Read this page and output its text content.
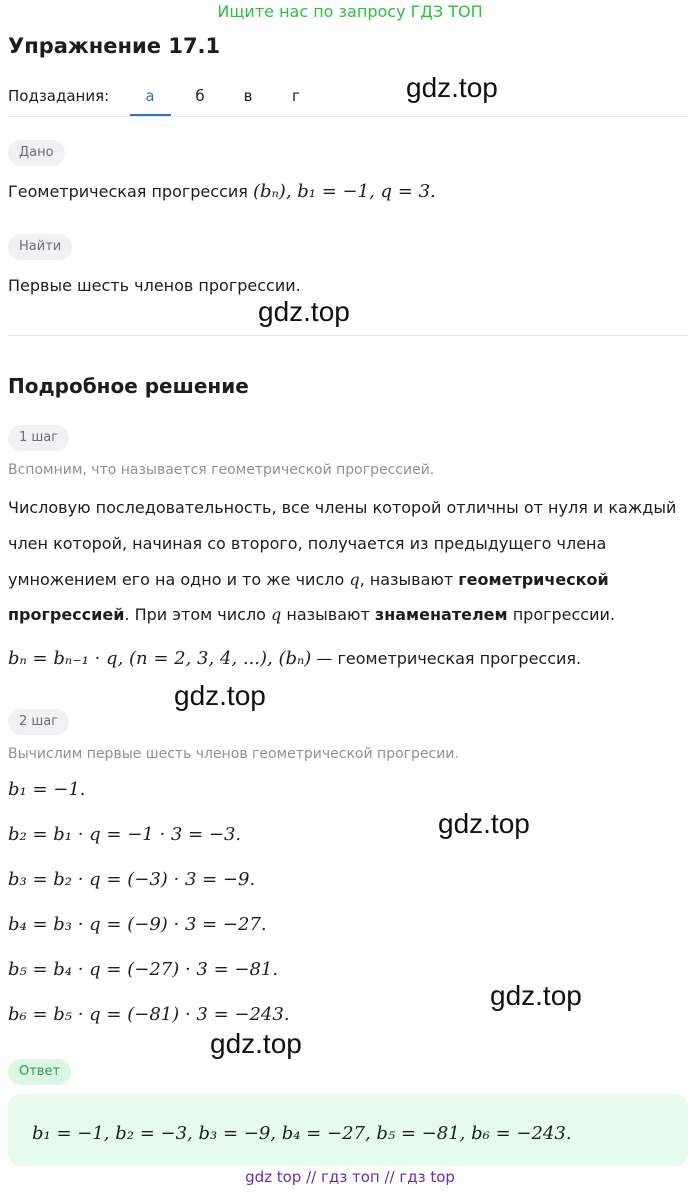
Ищите нас по запросу ГДЗ ТОП
Упражнение 17.1
Подзадания:	а	б	в	г	gdz.top
gdz.top
gdz.top
gdz.top
gdz.top
gdz.top
Дано
Геометрическая прогрессия (bₙ), b₁ = −1, q = 3.
Найти
Первые шесть членов прогрессии.
Подробное решение
1 шаг
Вспомним, что называется геометрической прогрессией.
Числовую последовательность, все члены которой отличны от нуля и каждый
член которой, начиная со второго, получается из предыдущего члена
умножением его на одно и то же число q, называют геометрической
прогрессией. При этом число q называют знаменателем прогрессии.
bₙ = bₙ₋₁ · q, (n = 2, 3, 4, ...), (bₙ) — геометрическая прогрессия.
2 шаг
Вычислим первые шесть членов геометрической прогресии.
b₁ = −1.
b₂ = b₁ · q = −1 · 3 = −3.
b₃ = b₂ · q = (−3) · 3 = −9.
b₄ = b₃ · q = (−9) · 3 = −27.
b₅ = b₄ · q = (−27) · 3 = −81.
b₆ = b₅ · q = (−81) · 3 = −243.
Ответ
b₁ = −1, b₂ = −3, b₃ = −9, b₄ = −27, b₅ = −81, b₆ = −243.
gdz top // гдз топ // гдз top
